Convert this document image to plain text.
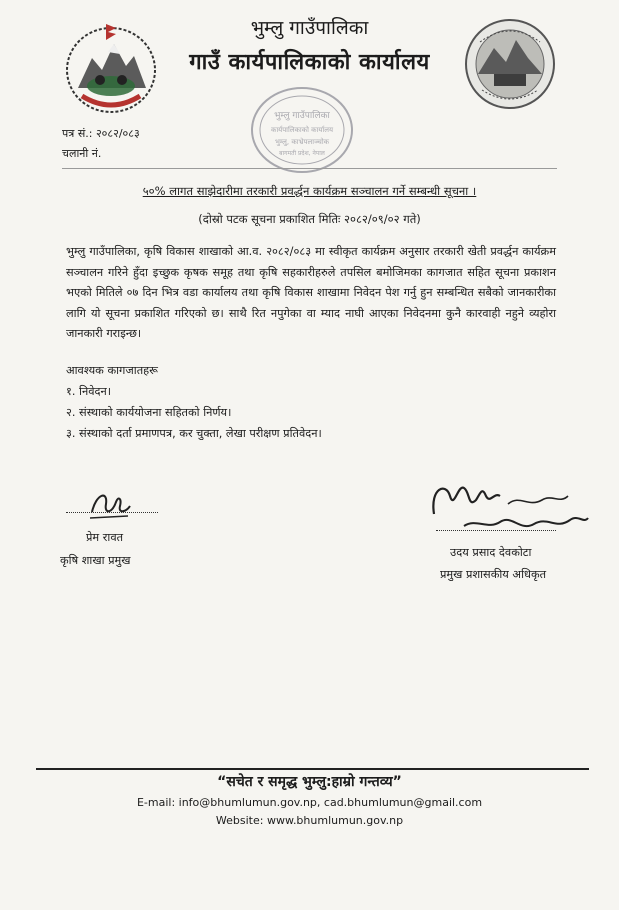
भुम्लु गाउँपालिका
गाउँ कार्यपालिकाको कार्यालय
भुम्लु गाउँपालिका
कार्यपालिकाको कार्यालय
भुम्लु, काभ्रेपलाञ्चोक
बागमती प्रदेश, नेपाल
पत्र सं.: २०८२/०८३
चलानी नं.
५०% लागत साझेदारीमा तरकारी प्रवर्द्धन कार्यक्रम सञ्चालन गर्ने सम्बन्धी सूचना ।
(दोस्रो पटक सूचना प्रकाशित मितिः २०८२/०९/०२ गते)

भुम्लु गाउँपालिका, कृषि विकास शाखाको आ.व. २०८२/०८३ मा स्वीकृत कार्यक्रम अनुसार तरकारी खेती प्रवर्द्धन कार्यक्रम सञ्चालन गरिने हुँदा इच्छुक कृषक समूह तथा कृषि सहकारीहरुले तपसिल बमोजिमका कागजात सहित सूचना प्रकाशन भएको मितिले ०७ दिन भित्र वडा कार्यालय तथा कृषि विकास शाखामा निवेदन पेश गर्नु हुन सम्बन्धित सबैको जानकारीका लागि यो सूचना प्रकाशित गरिएको छ। साथै रित नपुगेका वा म्याद नाघी आएका निवेदनमा कुनै कारवाही नहुने व्यहोरा जानकारी गराइन्छ।

आवश्यक कागजातहरू
१. निवेदन।
२. संस्थाको कार्ययोजना सहितको निर्णय।
३. संस्थाको दर्ता प्रमाणपत्र, कर चुक्ता, लेखा परीक्षण प्रतिवेदन।
प्रेम रावत
कृषि शाखा प्रमुख
उदय प्रसाद देवकोटा
प्रमुख प्रशासकीय अधिकृत
“सचेत र समृद्ध भुम्लु:हाम्रो गन्तव्य”
E-mail: info@bhumlumun.gov.np, cad.bhumlumun@gmail.com
Website: www.bhumlumun.gov.np
